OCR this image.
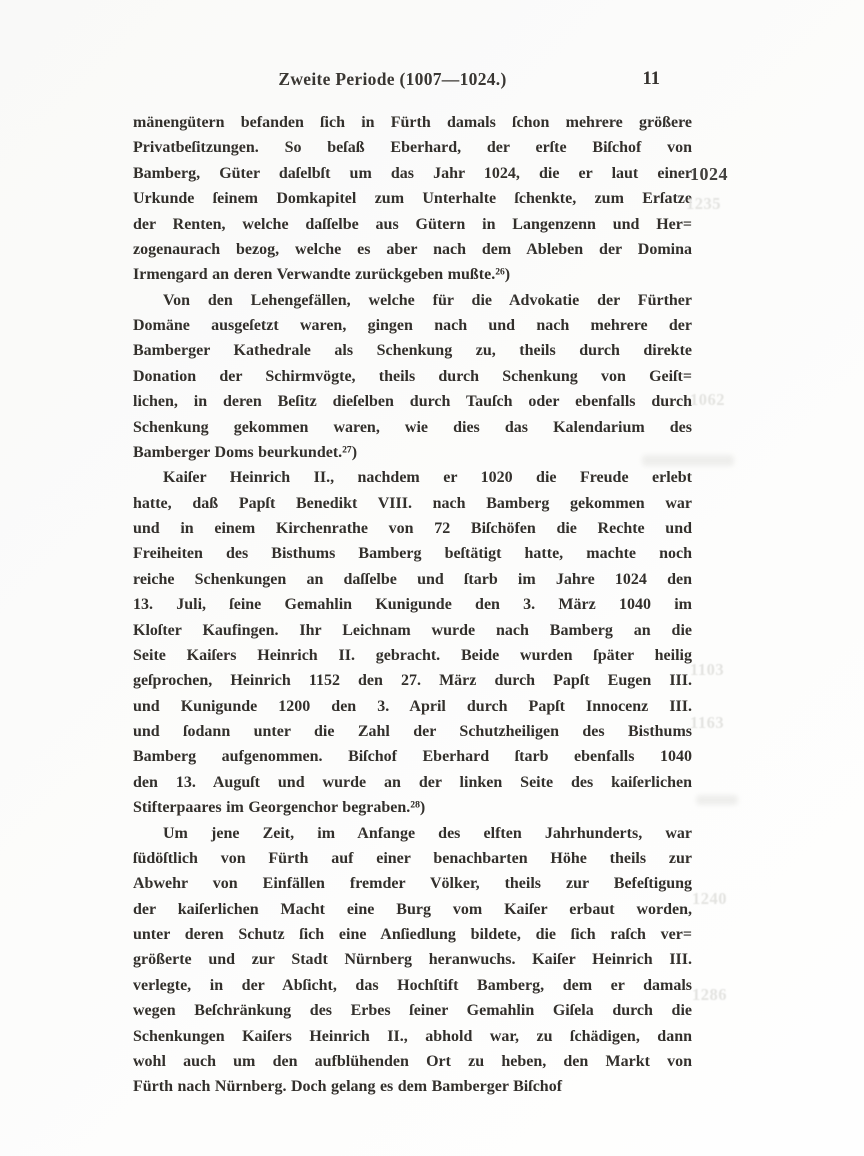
Zweite Periode (1007—1024.)	11
mänengütern befanden ſich in Fürth damals ſchon mehrere größere
Privatbeſitzungen. So beſaß Eberhard, der erſte Biſchof von
Bamberg, Güter daſelbſt um das Jahr 1024, die er laut einer
Urkunde ſeinem Domkapitel zum Unterhalte ſchenkte, zum Erſatze
der Renten, welche daſſelbe aus Gütern in Langenzenn und Her=
zogenaurach bezog, welche es aber nach dem Ableben der Domina
Irmengard an deren Verwandte zurückgeben mußte.²⁶)
Von den Lehengefällen, welche für die Advokatie der Fürther
Domäne ausgeſetzt waren, gingen nach und nach mehrere der
Bamberger Kathedrale als Schenkung zu, theils durch direkte
Donation der Schirmvögte, theils durch Schenkung von Geiſt=
lichen, in deren Beſitz dieſelben durch Tauſch oder ebenfalls durch
Schenkung gekommen waren, wie dies das Kalendarium des
Bamberger Doms beurkundet.²⁷)
Kaiſer Heinrich II., nachdem er 1020 die Freude erlebt
hatte, daß Papſt Benedikt VIII. nach Bamberg gekommen war
und in einem Kirchenrathe von 72 Biſchöfen die Rechte und
Freiheiten des Bisthums Bamberg beſtätigt hatte, machte noch
reiche Schenkungen an daſſelbe und ſtarb im Jahre 1024 den
13. Juli, ſeine Gemahlin Kunigunde den 3. März 1040 im
Kloſter Kaufingen. Ihr Leichnam wurde nach Bamberg an die
Seite Kaiſers Heinrich II. gebracht. Beide wurden ſpäter heilig
geſprochen, Heinrich 1152 den 27. März durch Papſt Eugen III.
und Kunigunde 1200 den 3. April durch Papſt Innocenz III.
und ſodann unter die Zahl der Schutzheiligen des Bisthums
Bamberg aufgenommen. Biſchof Eberhard ſtarb ebenfalls 1040
den 13. Auguſt und wurde an der linken Seite des kaiſerlichen
Stifterpaares im Georgenchor begraben.²⁸)
Um jene Zeit, im Anfange des elften Jahrhunderts, war
ſüdöſtlich von Fürth auf einer benachbarten Höhe theils zur
Abwehr von Einfällen fremder Völker, theils zur Befeſtigung
der kaiſerlichen Macht eine Burg vom Kaiſer erbaut worden,
unter deren Schutz ſich eine Anſiedlung bildete, die ſich raſch ver=
größerte und zur Stadt Nürnberg heranwuchs. Kaiſer Heinrich III.
verlegte, in der Abſicht, das Hochſtift Bamberg, dem er damals
wegen Beſchränkung des Erbes ſeiner Gemahlin Giſela durch die
Schenkungen Kaiſers Heinrich II., abhold war, zu ſchädigen, dann
wohl auch um den aufblühenden Ort zu heben, den Markt von
Fürth nach Nürnberg. Doch gelang es dem Bamberger Biſchof
1024
1235
1062
1103
1163
1240
1286
